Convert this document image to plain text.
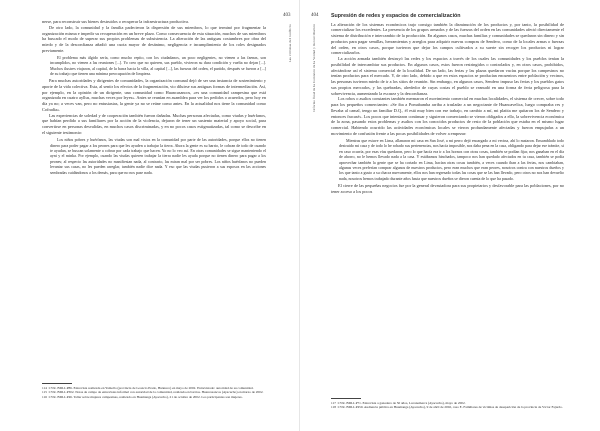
nerse, para reconstruir sus bienes destruidos o recuperar la infraestructura productiva.

De otro lado, la comunidad y la familia padecieron la dispersión de sus miembros, lo que terminó por fragmentar la organización misma e impedir su recuperación en un breve plazo. Como consecuencia de esta situación, muchos de sus miembros ha buscado el modo de superar sus propios problemas de subsistencia. La alteración de las antiguas costumbres por obra del miedo y de la desconfianza añadió una cuota mayor de desánimo, negligencia e incumplimiento de los roles designados previamente.

El problema más álgido sería, como mucho repito, con los ciudadanos, un poco negligentes, no vienen a las faenas, son incumplidos, no vienen a las reuniones [...]. Yo creo que no quieren, sus pueblo, vivieron su dura condición y vuelta no dejan [...]. Muchos ilustres viajaron, al capital, de la barra hacia la villa, al capital [...], las fuerzas del orden, el partido, después se fueron a [...] de su trabajo que tienen una mínima preocupación de limpieza.

Para muchas autoridades y dirigentes de comunidades, la organización comunal dejó de ser una instancia de sostenimiento y aporte de la vida colectiva. Esta, al sentir los efectos de la fragmentación, vio diluirse sus antiguas formas de intermediación. Así, por ejemplo, en la opinión de un dirigente, una comunidad como Huancasancos, «es una comunidad campesina que está organizada en cuatro ayllus, muchas veces por leyes». Antes se reunían en asamblea para ver los pedidos o acuerdos, pero hoy en día ya no; a veces van, pero no entusiastas, la gente ya no se reúne como antes. En la actualidad nos tiene la comunidad como Cofradía».

Las experiencias de soledad y de cooperación también fueron dañadas. Muchas personas afectadas, como viudas y huérfanos, que habían perdido a sus familiares por la acción de la violencia, dejaron de tener un sustento material y apoyo social, para convertirse en personas desvalidas, en muchos casos discriminadas, y en no pocos casos estigmatizadas, tal como se describe en el siguiente testimonio:

Los niños pobres y huérfanos, las viudas son mal vistos en la comunidad por parte de las autoridades, porque ellos no tienen dinero para poder pagar a los peones para que les ayuden a trabajar la tierra. Ahora la gente es su barrio, le cobran de todo de cuando te ayudan, se buscan solamente a cobrar por cada trabajo que hacen. Yo no lo veo así. En otras comunidades se sigue manteniendo el ayni y el minka. Por ejemplo, cuando las viudas quieren trabajar la tierra nadie les ayuda porque no tienen dinero para pagar a los peones; al respecto las autoridades no manifiestan nada, al contrario, las miran mal por ser pobres. Los niños huérfanos no pueden levantar sus casas, no les pueden arreglar, también nadie dice nada. Y eso que las viudas pusieron a sus esposos en las acciones sembradas cuidándonos a los demás, para que no nos pase nada.

114 CVR. BDI-I-P86. Entrevista realizada en Yamollo (provincia de Leoncio Prado, Huánuco) en mayo de 2002. Entrevistado: autoridad de su comunidad.
115 CVR. BDI-I-P302. Notas de campo de entrevistas informal con autoridad de la comunidad, realizada en barrios. Huancasancos (Ayacucho) en marzo de 2002.
116 CVR. BDI-I-P46. Taller sobre mujeres campesinas, realizado en Huamanga (Ayacucho), 21 de octubre de 2002. Los participantes son mujeres.
403
Las víctimas del conflicto
404
Informe final de la Comisión de la Verdad y Reconciliación
Supresión de redes y espacios de comercialización

La alteración de los sistemas económicos trajo consigo también la disminución de los productos y, por tanto, la posibilidad de comercializar los excedentes. La presencia de los grupos armados y de las fuerzas del orden en las comunidades afectó directamente el sistema de distribución e intercambio de la producción. En algunos casos, muchas familias y comunidades se quedaron sin dinero y sin productos para pagar semillas, herramientas y arreglos para adquirir nuevas compras de Sendero, como de la locales armas o fuerzas del orden, en otros casos, porque tuvieron que dejar los campos cultivados a su suerte sin recoger los productos ni lograr comercializarlos.

La acción armada también destruyó las redes y los espacios a través de los cuales las comunidades y los pueblos tenían la posibilidad de intercambiar sus productos. En algunos casos, estos fueron restringidos o controlados y, en otros casos, prohibidos, afectándose así el sistema comercial de la localidad. De un lado, las ferias y las plazas quedaron vacías porque los campesinos no tenían productos para el mercado. Y, de otro lado, debido a que en estos espacios se producían encuentros entre población y vecinos, las personas tuvieron miedo de ir a los sitios de reunión. Sin embargo, en algunos casos, Sendero impuso las ferias y los pueblos gatos sus propios mercados, y las quebradas, alrededor de cuyas costas el pueblo se reanudó en una forma de feria peligrosa para la sobrevivencia, aumentando la escasez y la desconfianza.

Los robos o asaltos constantes también mermaron el movimiento comercial en muchas localidades, el sistema de crecer, sobre todo para los pequeños comerciantes: «Se iba a Pomabamba arriba a trasladar a un negociante de Huancavelica, luego compraba res y llevaba al camal, tengo un familiar D.Q., él está muy bien con ese trabajo, en cambio a mí, mi platita me quitaron los de Sendero y entonces fracasé». Los pocos que intentaron continuar y siguieron comerciando se vieron obligados a ello, la sobrevivencia económica de la zona, pasando estos problemas y asaltos con los conocidos productos de resto de la población que estaba en el mismo lugar comercial. Habiendo ocurrido las actividades económicas locales se vieron profundamente afectadas y fueron empujadas a un movimiento de confusión frente a las pocas posibilidades de volver a empezar:

Mientras que estuve en Lima, allanaron mi casa en San José, a mi perro dejó encargado a mi vecina, ahí lo mataron. Ensamblado todo destruido mi casa y de todo lo he robado sus pertenencias, nos hacía imposible, nos daba pena en la casa, obligando para dejar ese trámite, si en caso ocurría, por esas vías quedaron, pero lo que hacía era ir a los hornos con otras cosas, también se podían fijar, nos ganaban en el día de ahorro, no le hemos llevado nada a la casa. Y estábamos hinchados, tampoco nos han quedado afectados en tu casa, también se podía aprovechar también la gente que se ha cortado en Lima, hacían otras cosas también, a veces cuando iban a las ferias, nos cambiaban, algunas veces preferían comprar algunos de nuestros productos, pero eran muchos que eran peores, nosotros contra con nuestros dueños y los que tanto a gusto a su chacra nuevamente, ellos nos han regresado todas las cosas que se las han llevado, pero otros no nos han devuelto nada, nosotros hemos trabajado durante años hasta que nuestros dueños se dieron cuenta de lo que ha pasado.

El cierre de las pequeñas negocios fue por la general devastadora para sus propietarios y desfavorable para las poblaciones, por no tener acceso a los pocos

117 CVR. BDI-I-P71. Entrevista a ganadero de 50 años, Lucanamarca (Ayacucho), mayo de 2002.
118 CVR. BDI-I-P450. Audiencia pública en Huamanga (Ayacucho), 9 de abril de 2002, caso E. Familiares de víctimas de desaparición de la provincia de Víctor Fajardo.
